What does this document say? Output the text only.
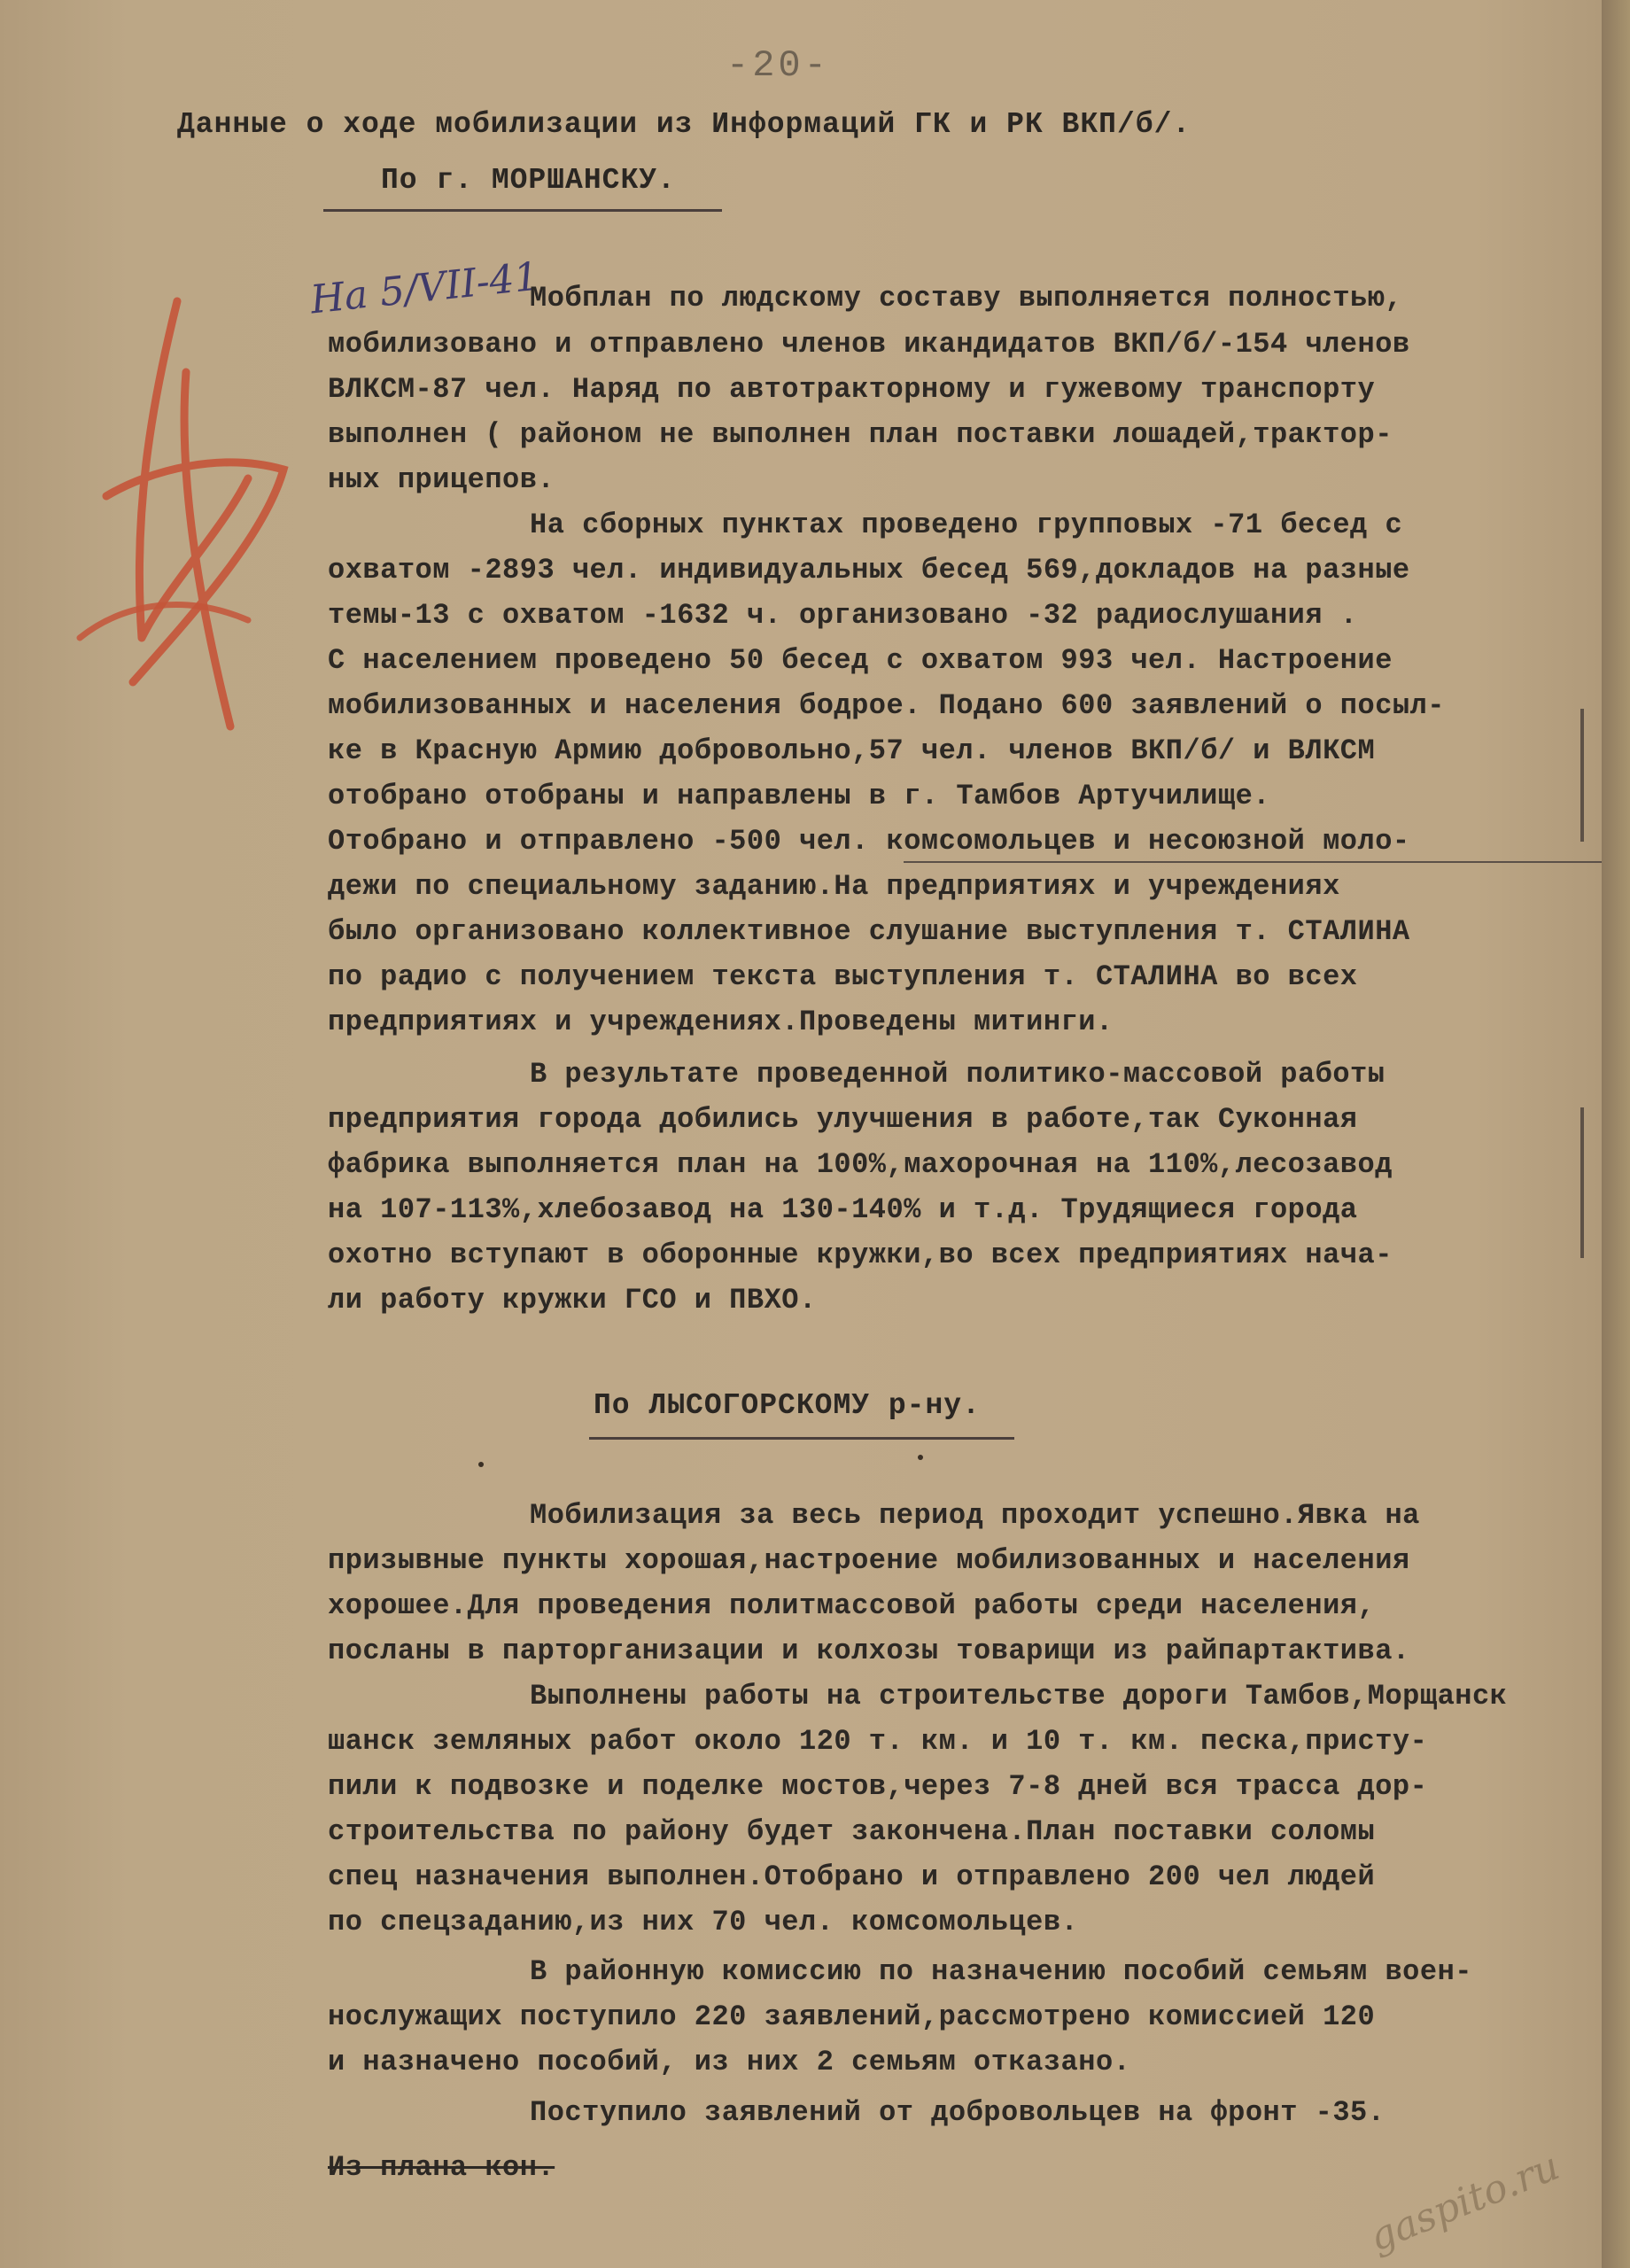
-20-
Данные о ходе мобилизации из Информаций ГК и РК ВКП/б/.
По г. МОРШАНСКУ.
На 5/VII-41
Мобплан по людскому составу выполняется полностью,
мобилизовано и отправлено членов икандидатов ВКП/б/-154 членов
ВЛКСМ-87 чел. Наряд по автотракторному и гужевому транспорту
выполнен ( районом не выполнен план поставки лошадей,трактор-
ных прицепов.
На сборных пунктах проведено групповых -71 бесед с
охватом -2893 чел. индивидуальных бесед 569,докладов на разные
темы-13 с охватом -1632 ч. организовано -32 радиослушания .
С населением проведено 50 бесед с охватом 993 чел. Настроение
мобилизованных и населения бодрое. Подано 600 заявлений о посыл-
ке в Красную Армию добровольно,57 чел. членов ВКП/б/ и ВЛКСМ
отобрано отобраны и направлены в г. Тамбов Артучилище.
Отобрано и отправлено -500 чел. комсомольцев и несоюзной моло-
дежи по специальному заданию.На предприятиях и учреждениях
было организовано коллективное слушание выступления т. СТАЛИНА
по радио с получением текста выступления т. СТАЛИНА во всех
предприятиях и учреждениях.Проведены митинги.
В результате проведенной политико-массовой работы
предприятия города добились улучшения в работе,так Суконная
фабрика выполняется план на 100%,махорочная на 110%,лесозавод
на 107-113%,хлебозавод на 130-140% и т.д. Трудящиеся города
охотно вступают в оборонные кружки,во всех предприятиях нача-
ли работу кружки ГСО и ПВХО.
По ЛЫСОГОРСКОМУ р-ну.
Мобилизация за весь период проходит успешно.Явка на
призывные пункты хорошая,настроение мобилизованных и населения
хорошее.Для проведения политмассовой работы среди населения,
посланы в парторганизации и колхозы товарищи из райпартактива.
Выполнены работы на строительстве дороги Тамбов,Морщанск
шанск земляных работ около 120 т. км. и 10 т. км. песка,присту-
пили к подвозке и поделке мостов,через 7-8 дней вся трасса дор-
строительства по району будет закончена.План поставки соломы
спец назначения выполнен.Отобрано и отправлено 200 чел людей
по спецзаданию,из них 70 чел. комсомольцев.
В районную комиссию по назначению пособий семьям воен-
нослужащих поступило 220 заявлений,рассмотрено комиссией 120
и назначено пособий, из них 2 семьям отказано.
Поступило заявлений от добровольцев на фронт -35.
Из плана кон.	gaspito.ru
